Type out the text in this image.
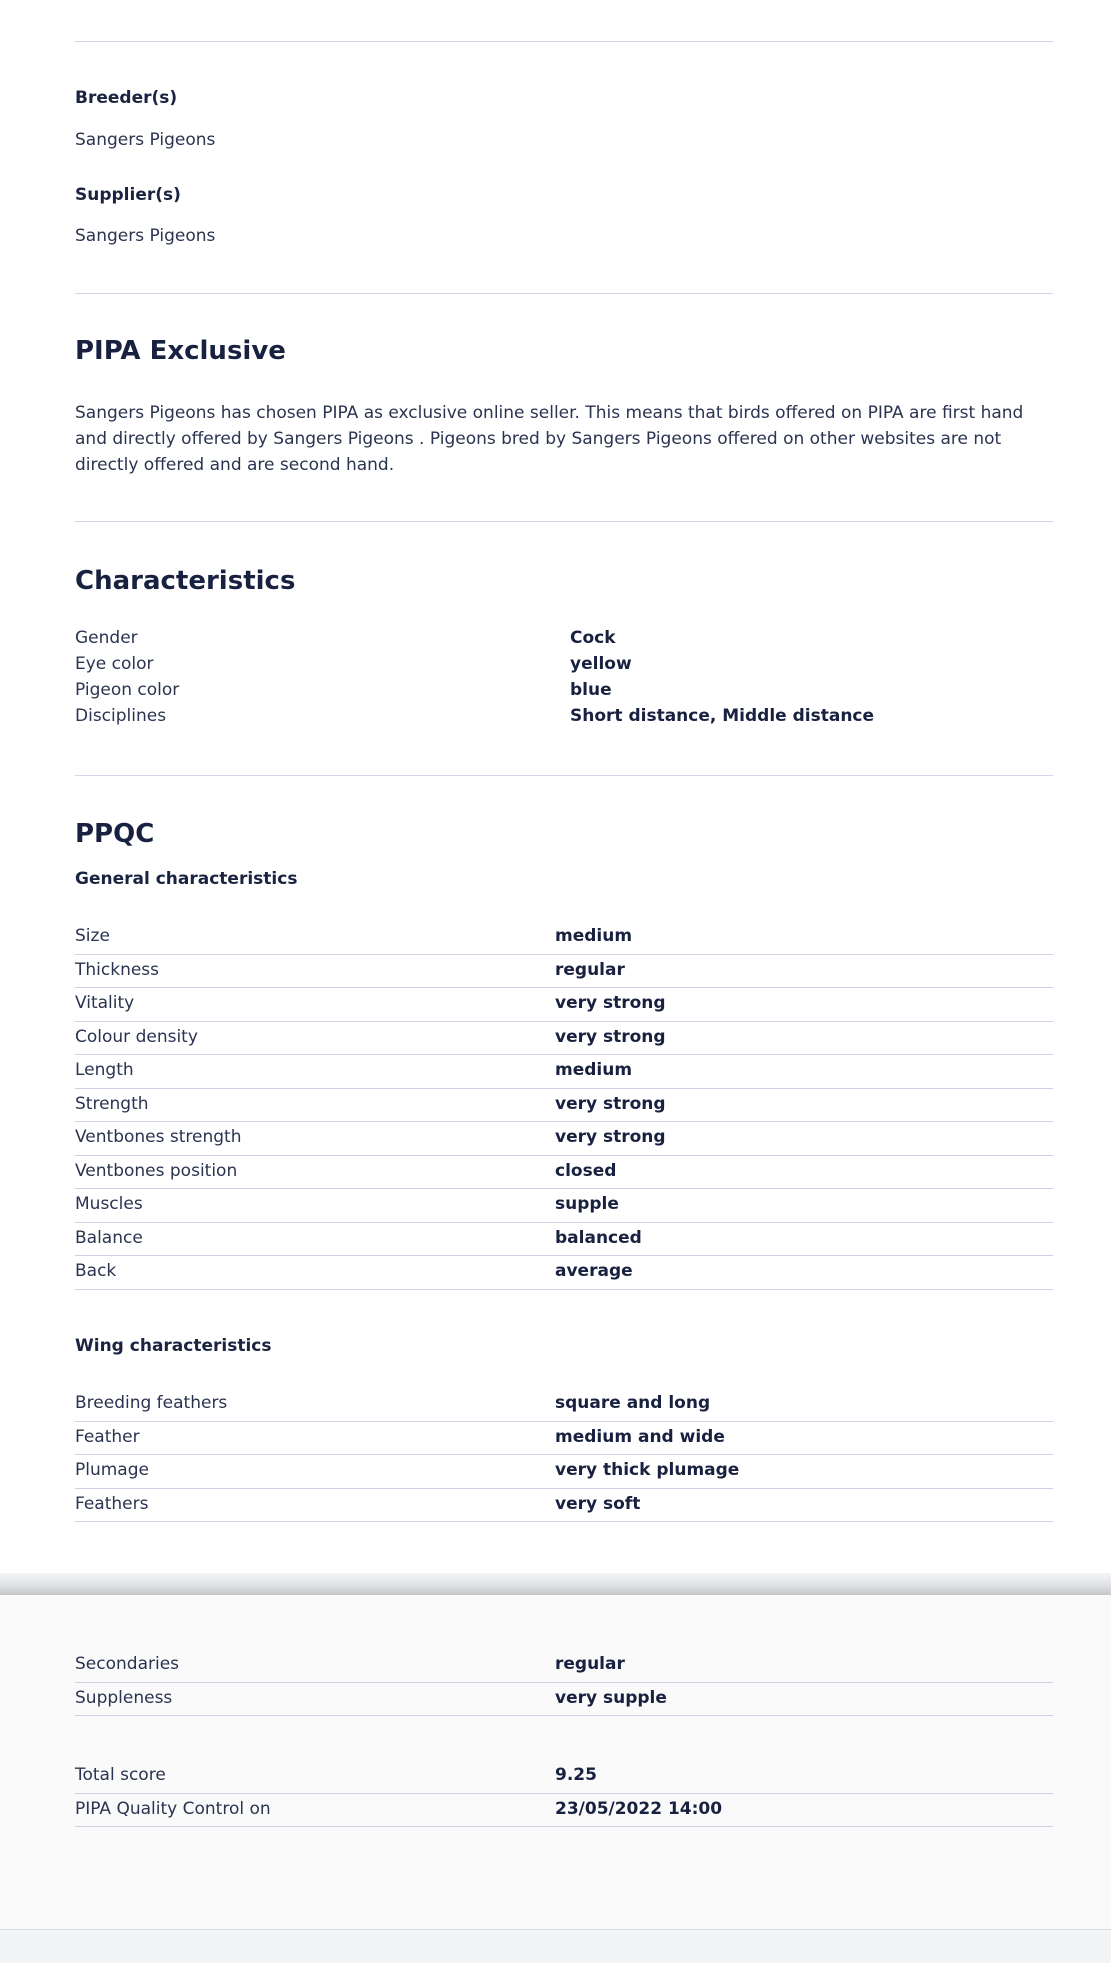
Breeder(s)
Sangers Pigeons
Supplier(s)
Sangers Pigeons
PIPA Exclusive
Sangers Pigeons has chosen PIPA as exclusive online seller. This means that birds offered on PIPA are first hand and directly offered by Sangers Pigeons . Pigeons bred by Sangers Pigeons offered on other websites are not directly offered and are second hand.
Characteristics
Gender	Cock
Eye color	yellow
Pigeon color	blue
Disciplines	Short distance, Middle distance
PPQC
General characteristics
Size	medium
Thickness	regular
Vitality	very strong
Colour density	very strong
Length	medium
Strength	very strong
Ventbones strength	very strong
Ventbones position	closed
Muscles	supple
Balance	balanced
Back	average
Wing characteristics
Breeding feathers	square and long
Feather	medium and wide
Plumage	very thick plumage
Feathers	very soft
Secondaries	regular
Suppleness	very supple
Total score	9.25
PIPA Quality Control on	23/05/2022 14:00
